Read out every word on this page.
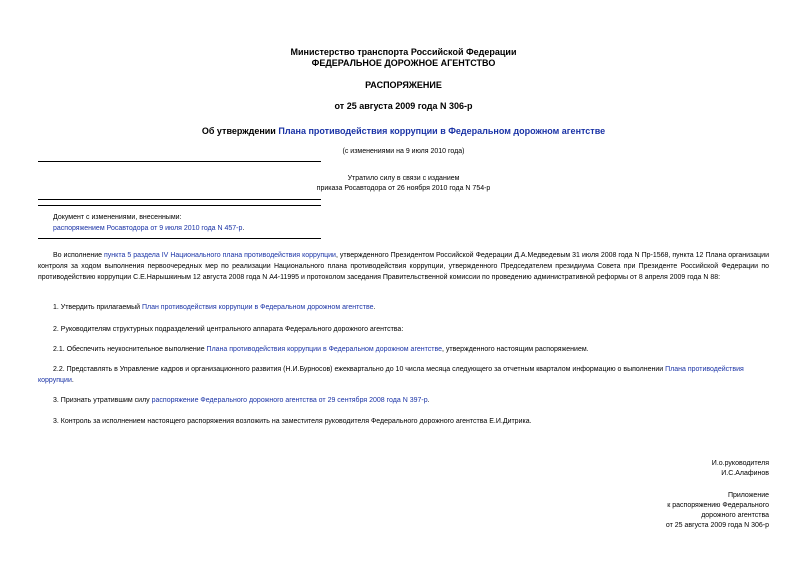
Министерство транспорта Российской Федерации
ФЕДЕРАЛЬНОЕ ДОРОЖНОЕ АГЕНТСТВО
РАСПОРЯЖЕНИЕ
от 25 августа 2009 года N 306-р
Об утверждении Плана противодействия коррупции в Федеральном дорожном агентстве
(с изменениями на 9 июля 2010 года)
Утратило силу в связи с изданием
приказа Росавтодора от 26 ноября 2010 года N 754-р
Документ с изменениями, внесенными:
распоряжением Росавтодора от 9 июля 2010 года N 457-р.
Во исполнение пункта 5 раздела IV Национального плана противодействия коррупции, утвержденного Президентом Российской Федерации Д.А.Медведевым 31 июля 2008 года N Пр-1568, пункта 12 Плана организации контроля за ходом выполнения первоочередных мер по реализации Национального плана противодействия коррупции, утвержденного Председателем президиума Совета при Президенте Российской Федерации по противодействию коррупции С.Е.Нарышкиным 12 августа 2008 года N А4-11995 и протоколом заседания Правительственной комиссии по проведению административной реформы от 8 апреля 2009 года N 88:
1. Утвердить прилагаемый План противодействия коррупции в Федеральном дорожном агентстве.
2. Руководителям структурных подразделений центрального аппарата Федерального дорожного агентства:
2.1. Обеспечить неукоснительное выполнение Плана противодействия коррупции в Федеральном дорожном агентстве, утвержденного настоящим распоряжением.
2.2. Представлять в Управление кадров и организационного развития (Н.И.Бурносов) ежеквартально до 10 числа месяца следующего за отчетным кварталом информацию о выполнении Плана противодействия коррупции.
3. Признать утратившим силу распоряжение Федерального дорожного агентства от 29 сентября 2008 года N 397-р.
3. Контроль за исполнением настоящего распоряжения возложить на заместителя руководителя Федерального дорожного агентства Е.И.Дитрика.
И.о.руководителя
И.С.Алафинов
Приложение
к распоряжению Федерального
дорожного агентства
от 25 августа 2009 года N 306-р
